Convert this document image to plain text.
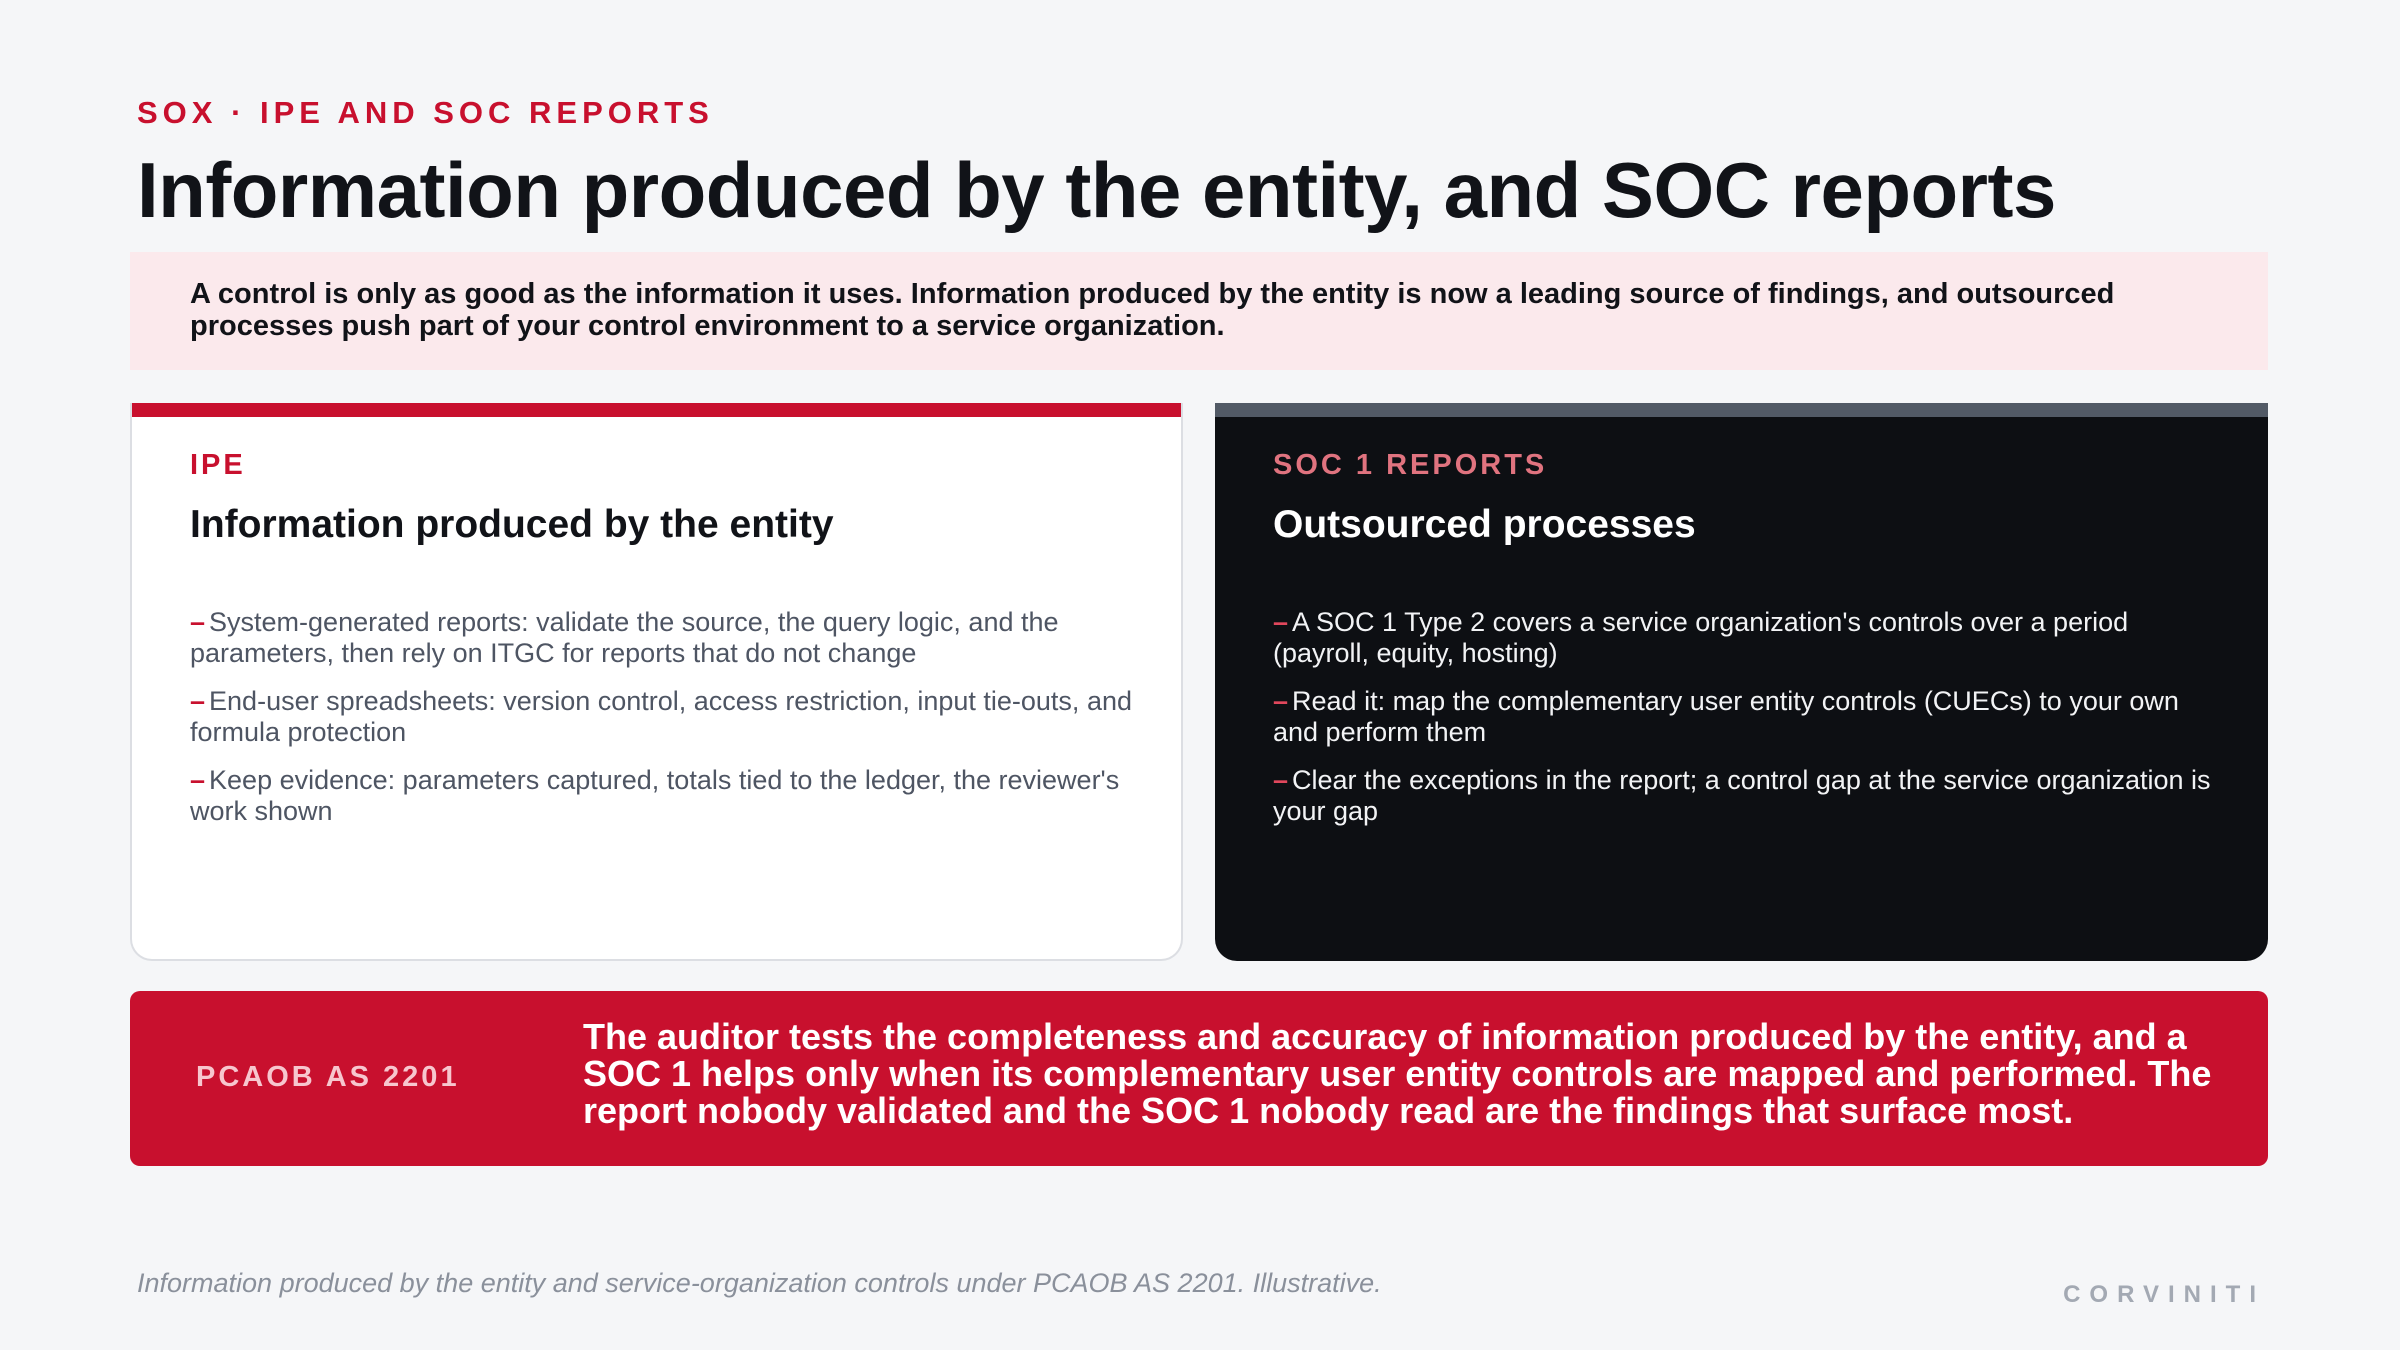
SOX · IPE AND SOC REPORTS
Information produced by the entity, and SOC reports

A control is only as good as the information it uses. Information produced by the entity is now a leading source of findings, and outsourced processes push part of your control environment to a service organization.

IPE
Information produced by the entity
– System-generated reports: validate the source, the query logic, and the parameters, then rely on ITGC for reports that do not change
– End-user spreadsheets: version control, access restriction, input tie-outs, and formula protection
– Keep evidence: parameters captured, totals tied to the ledger, the reviewer's work shown
SOC 1 REPORTS
Outsourced processes
– A SOC 1 Type 2 covers a service organization's controls over a period (payroll, equity, hosting)
– Read it: map the complementary user entity controls (CUECs) to your own and perform them
– Clear the exceptions in the report; a control gap at the service organization is your gap
PCAOB AS 2201
The auditor tests the completeness and accuracy of information produced by the entity, and a SOC 1 helps only when its complementary user entity controls are mapped and performed. The report nobody validated and the SOC 1 nobody read are the findings that surface most.
Information produced by the entity and service-organization controls under PCAOB AS 2201. Illustrative.	CORVINITI
